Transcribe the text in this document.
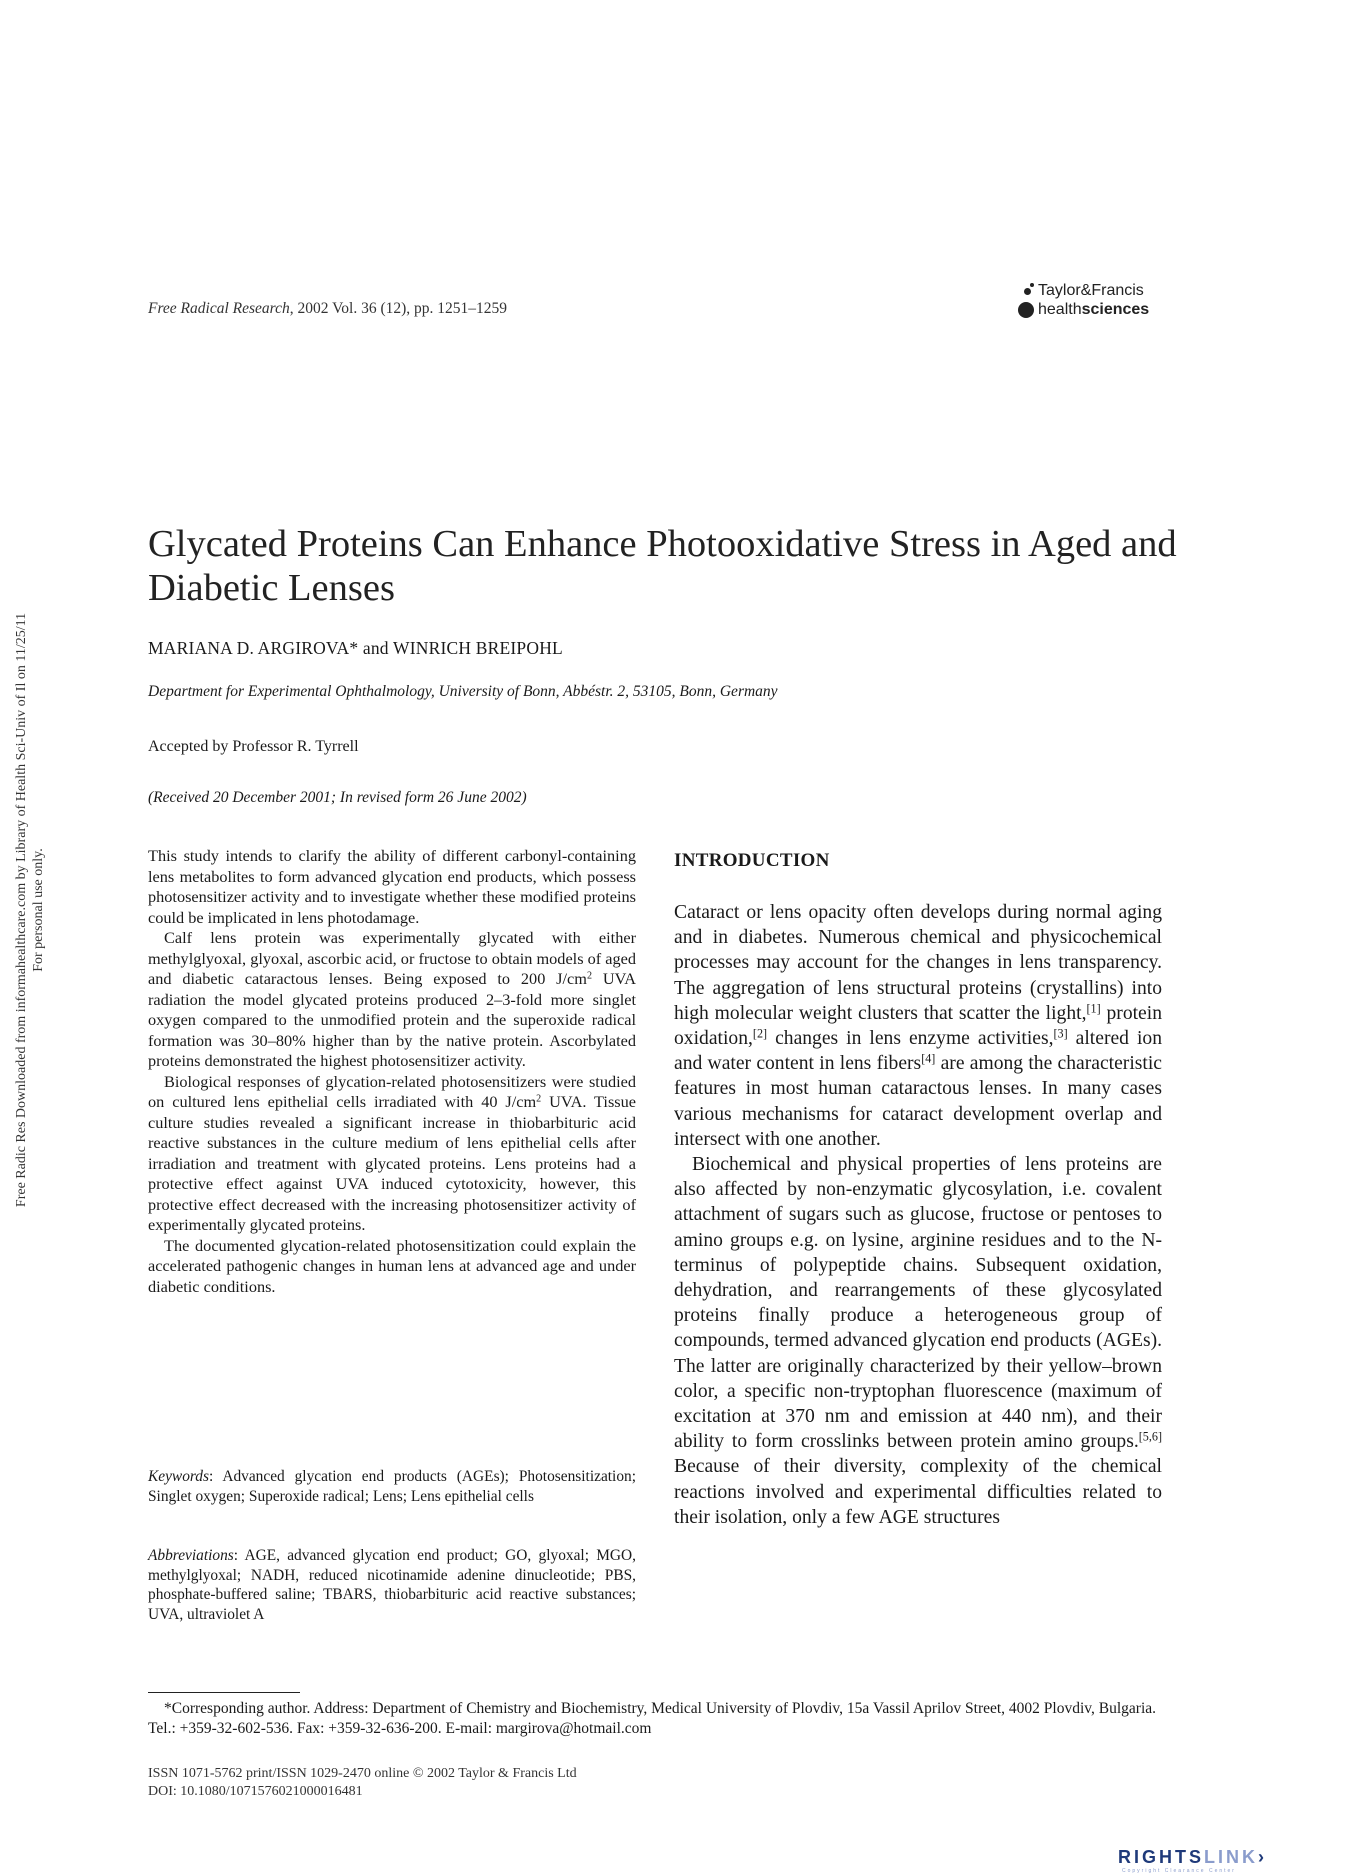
Free Radical Research, 2002 Vol. 36 (12), pp. 1251–1259
Taylor&Francis
healthsciences
Free Radic Res Downloaded from informahealthcare.com by Library of Health Sci-Univ of Il on 11/25/11 For personal use only.
Glycated Proteins Can Enhance Photooxidative Stress in Aged and Diabetic Lenses
MARIANA D. ARGIROVA* and WINRICH BREIPOHL
Department for Experimental Ophthalmology, University of Bonn, Abbéstr. 2, 53105, Bonn, Germany
Accepted by Professor R. Tyrrell
(Received 20 December 2001; In revised form 26 June 2002)

This study intends to clarify the ability of different carbonyl-containing lens metabolites to form advanced glycation end products, which possess photosensitizer activity and to investigate whether these modified proteins could be implicated in lens photodamage.

Calf lens protein was experimentally glycated with either methylglyoxal, glyoxal, ascorbic acid, or fructose to obtain models of aged and diabetic cataractous lenses. Being exposed to 200 $J/cm^2$ UVA radiation the model glycated proteins produced 2–3-fold more singlet oxygen compared to the unmodified protein and the superoxide radical formation was 30–80% higher than by the native protein. Ascorbylated proteins demonstrated the highest photosensitizer activity.

Biological responses of glycation-related photosensitizers were studied on cultured lens epithelial cells irradiated with 40 $J/cm^2$ UVA. Tissue culture studies revealed a significant increase in thiobarbituric acid reactive substances in the culture medium of lens epithelial cells after irradiation and treatment with glycated proteins. Lens proteins had a protective effect against UVA induced cytotoxicity, however, this protective effect decreased with the increasing photosensitizer activity of experimentally glycated proteins.

The documented glycation-related photosensitization could explain the accelerated pathogenic changes in human lens at advanced age and under diabetic conditions.

Keywords: Advanced glycation end products (AGEs); Photosensitization; Singlet oxygen; Superoxide radical; Lens; Lens epithelial cells
Abbreviations: AGE, advanced glycation end product; GO, glyoxal; MGO, methylglyoxal; NADH, reduced nicotinamide adenine dinucleotide; PBS, phosphate-buffered saline; TBARS, thiobarbituric acid reactive substances; UVA, ultraviolet A
INTRODUCTION

Cataract or lens opacity often develops during normal aging and in diabetes. Numerous chemical and physicochemical processes may account for the changes in lens transparency. The aggregation of lens structural proteins (crystallins) into high molecular weight clusters that scatter the light,[1] protein oxidation,[2] changes in lens enzyme activities,[3] altered ion and water content in lens fibers[4] are among the characteristic features in most human cataractous lenses. In many cases various mechanisms for cataract development overlap and intersect with one another.

Biochemical and physical properties of lens proteins are also affected by non-enzymatic glycosylation, i.e. covalent attachment of sugars such as glucose, fructose or pentoses to amino groups e.g. on lysine, arginine residues and to the N-terminus of polypeptide chains. Subsequent oxidation, dehydration, and rearrangements of these glycosylated proteins finally produce a heterogeneous group of compounds, termed advanced glycation end products (AGEs). The latter are originally characterized by their yellow–brown color, a specific non-tryptophan fluorescence (maximum of excitation at 370 nm and emission at 440 nm), and their ability to form crosslinks between protein amino groups.[5,6] Because of their diversity, complexity of the chemical reactions involved and experimental difficulties related to their isolation, only a few AGE structures

*Corresponding author. Address: Department of Chemistry and Biochemistry, Medical University of Plovdiv, 15a Vassil Aprilov Street, 4002 Plovdiv, Bulgaria. Tel.: +359-32-602-536. Fax: +359-32-636-200. E-mail: margirova@hotmail.com
ISSN 1071-5762 print/ISSN 1029-2470 online © 2002 Taylor & Francis Ltd
DOI: 10.1080/1071576021000016481
RIGHTSLINK›
Copyright Clearance Center
